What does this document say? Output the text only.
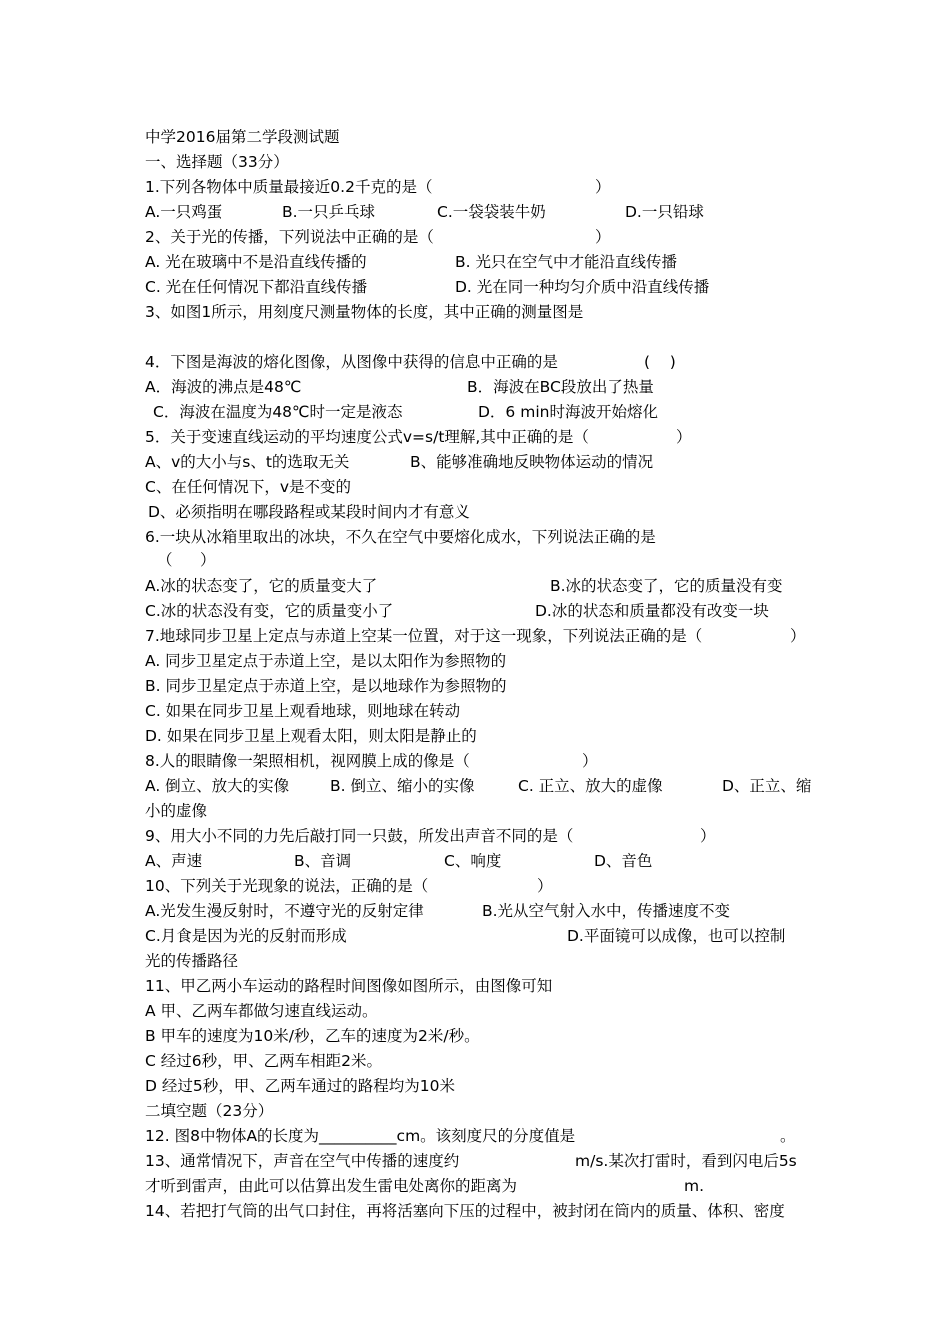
中学2016届第二学段测试题
一、选择题（33分）
1.下列各物体中质量最接近0.2千克的是（	）
A.一只鸡蛋	B.一只乒乓球	C.一袋袋装牛奶	D.一只铅球
2、关于光的传播，下列说法中正确的是（	）
A. 光在玻璃中不是沿直线传播的	B. 光只在空气中才能沿直线传播
C. 光在任何情况下都沿直线传播	D. 光在同一种均匀介质中沿直线传播
3、如图1所示，用刻度尺测量物体的长度，其中正确的测量图是
4．下图是海波的熔化图像，从图像中获得的信息中正确的是	(    )
A．海波的沸点是48℃	B．海波在BC段放出了热量
C．海波在温度为48℃时一定是液态	D．6 min时海波开始熔化
5．关于变速直线运动的平均速度公式v=s/t理解,其中正确的是（	）
A、v的大小与s、t的选取无关	B、能够准确地反映物体运动的情况
C、在任何情况下，v是不变的
D、必须指明在哪段路程或某段时间内才有意义
6.一块从冰箱里取出的冰块，不久在空气中要熔化成水，下列说法正确的是
（ ）
A.冰的状态变了，它的质量变大了	B.冰的状态变了，它的质量没有变
C.冰的状态没有变，它的质量变小了	D.冰的状态和质量都没有改变一块
7.地球同步卫星上定点与赤道上空某一位置，对于这一现象，下列说法正确的是（	）
A. 同步卫星定点于赤道上空，是以太阳作为参照物的
B. 同步卫星定点于赤道上空，是以地球作为参照物的
C. 如果在同步卫星上观看地球，则地球在转动
D. 如果在同步卫星上观看太阳，则太阳是静止的
8.人的眼睛像一架照相机，视网膜上成的像是（	）
A. 倒立、放大的实像	B. 倒立、缩小的实像	C. 正立、放大的虚像	D、正立、缩
小的虚像
9、用大小不同的力先后敲打同一只鼓，所发出声音不同的是（	）
A、声速	B、音调	C、响度	D、音色
10、下列关于光现象的说法，正确的是（	）
A.光发生漫反射时，不遵守光的反射定律	B.光从空气射入水中，传播速度不变
C.月食是因为光的反射而形成	D.平面镜可以成像，也可以控制
光的传播路径
11、甲乙两小车运动的路程时间图像如图所示，由图像可知
A 甲、乙两车都做匀速直线运动。
B 甲车的速度为10米/秒，乙车的速度为2米/秒。
C 经过6秒，甲、乙两车相距2米。
D 经过5秒，甲、乙两车通过的路程均为10米
二填空题（23分）
12. 图8中物体A的长度为__________cm。该刻度尺的分度值是	。
13、通常情况下，声音在空气中传播的速度约	m/s.某次打雷时，看到闪电后5s
才听到雷声，由此可以估算出发生雷电处离你的距离为	m.
14、若把打气筒的出气口封住，再将活塞向下压的过程中，被封闭在筒内的质量、体积、密度
